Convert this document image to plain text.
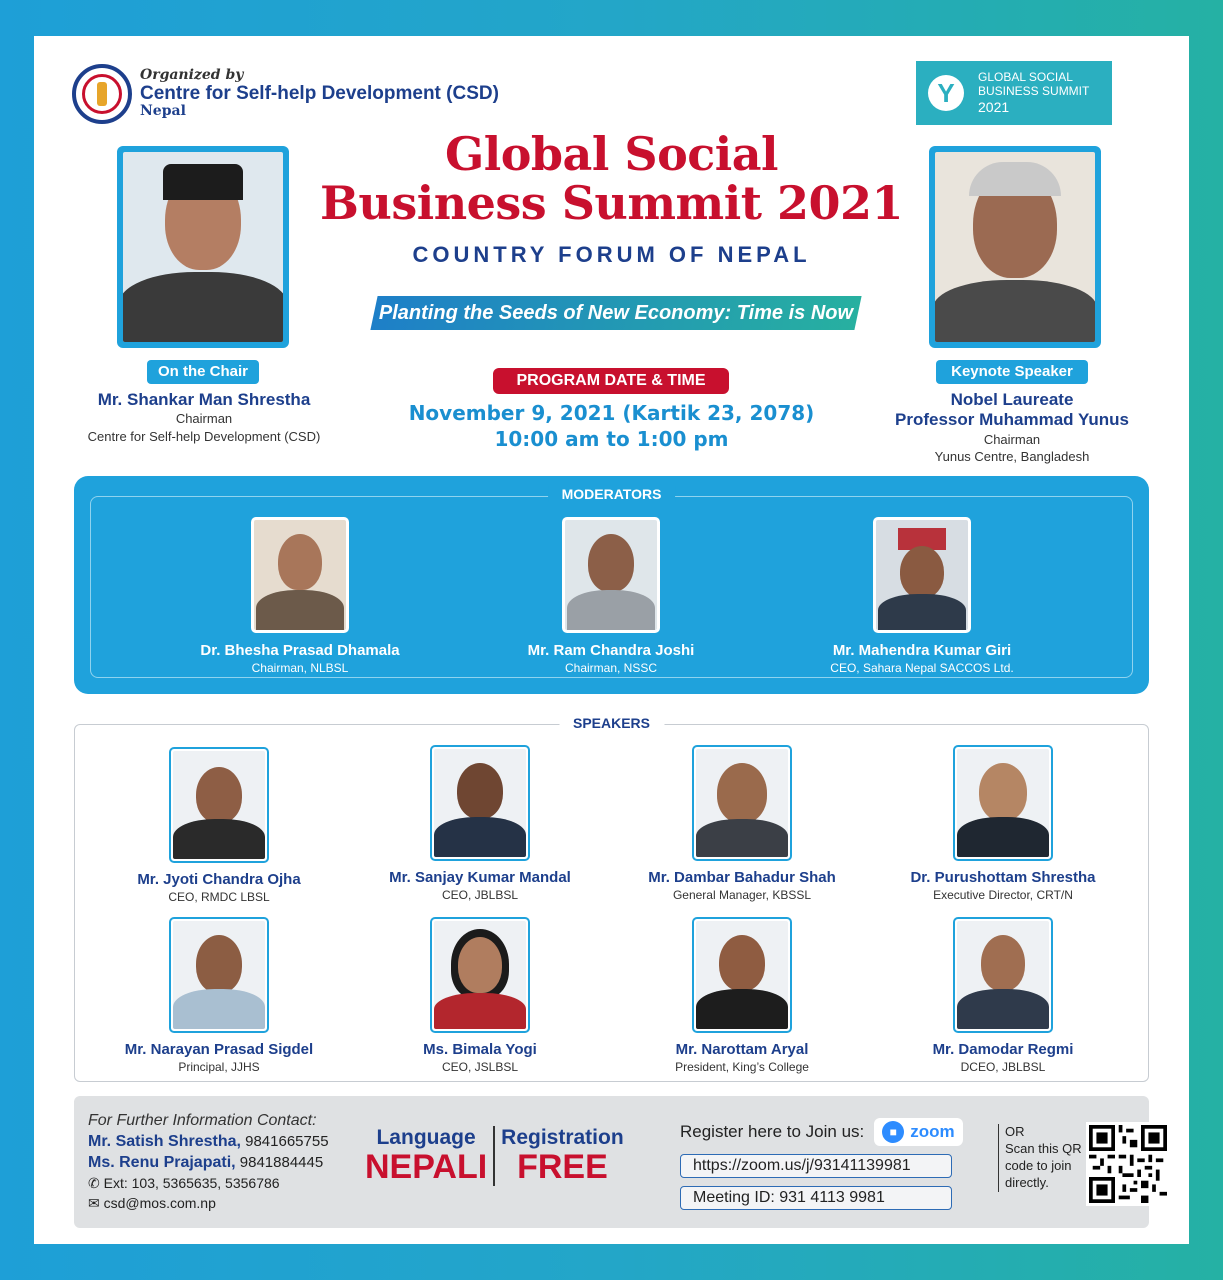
Organized by
Centre for Self-help Development (CSD)
Nepal
Y
GLOBAL SOCIAL
BUSINESS SUMMIT
2021
Global Social
Business Summit 2021
COUNTRY FORUM OF NEPAL
Planting the Seeds of New Economy: Time is Now
On the Chair
Mr. Shankar Man Shrestha
Chairman
Centre for Self-help Development (CSD)
Keynote Speaker
Nobel Laureate
Professor Muhammad Yunus
Chairman
Yunus Centre, Bangladesh
PROGRAM DATE & TIME
November 9, 2021 (Kartik 23, 2078)
10:00 am to 1:00 pm
MODERATORS
Dr. Bhesha Prasad Dhamala
Chairman, NLBSL
Mr. Ram Chandra Joshi
Chairman, NSSC
Mr. Mahendra Kumar Giri
CEO, Sahara Nepal SACCOS Ltd.
SPEAKERS
Mr. Jyoti Chandra Ojha
CEO, RMDC LBSL
Mr. Sanjay Kumar Mandal
CEO, JBLBSL
Mr. Dambar Bahadur Shah
General Manager, KBSSL
Dr. Purushottam Shrestha
Executive Director, CRT/N
Mr. Narayan Prasad Sigdel
Principal, JJHS
Ms. Bimala Yogi
CEO, JSLBSL
Mr. Narottam Aryal
President, King’s College
Mr. Damodar Regmi
DCEO, JBLBSL
For Further Information Contact:
Mr. Satish Shrestha, 9841665755
Ms. Renu Prajapati, 9841884445
✆ Ext: 103, 5365635, 5356786
✉ csd@mos.com.np
Language
NEPALI
Registration
FREE
Register here to Join us:	■ zoom
https://zoom.us/j/93141139981
Meeting ID: 931 4113 9981
OR
Scan this QR code to join directly.
